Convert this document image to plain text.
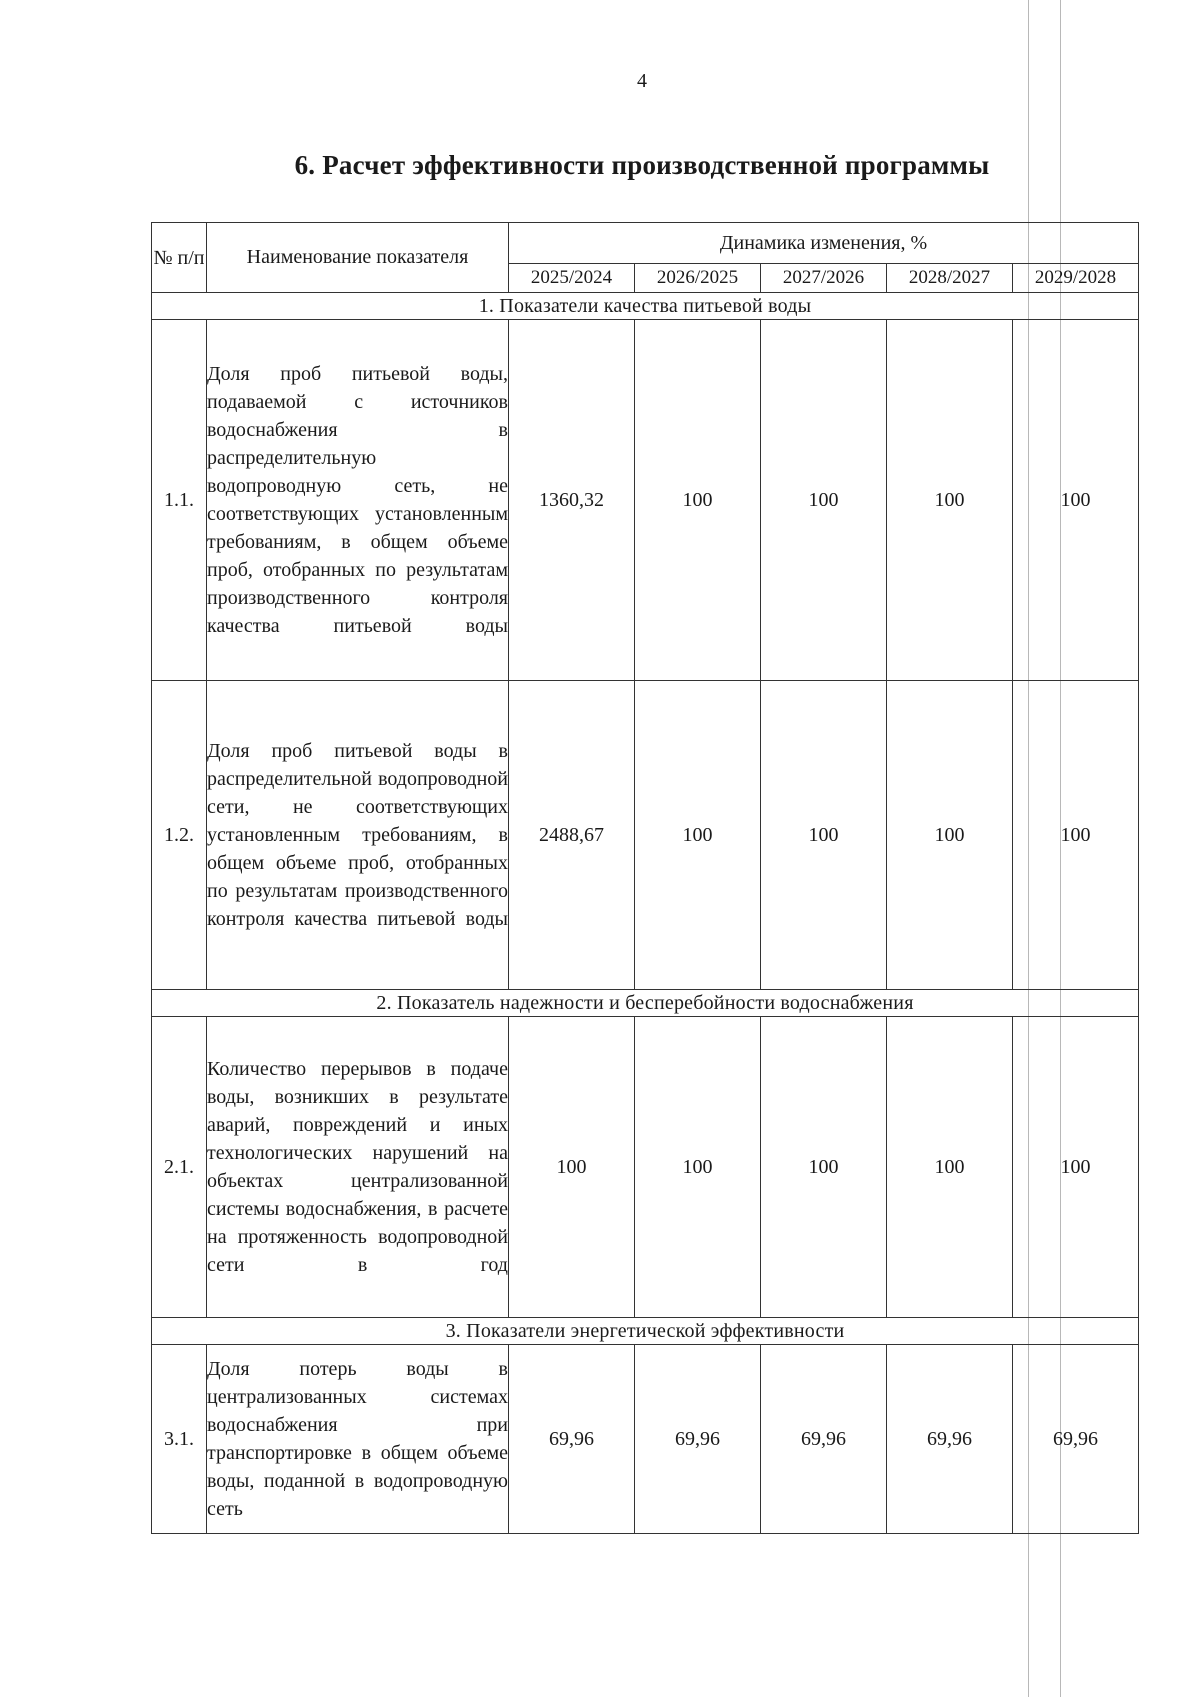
4
6. Расчет эффективности производственной программы
№ п/п	Наименование показателя	Динамика изменения, %				
		2025/2024	2026/2025	2027/2026	2028/2027	2029/2028
1. Показатели качества питьевой воды						
1.1.	Доля проб питьевой воды, подаваемой с источников водоснабжения в распределительную водопроводную сеть, не соответствующих установленным требованиям, в общем объеме проб, отобранных по результатам производственного контроля качества питьевой воды	1360,32	100	100	100	100
1.2.	Доля проб питьевой воды в распределительной водопроводной сети, не соответствующих установленным требованиям, в общем объеме проб, отобранных по результатам производственного контроля качества питьевой воды	2488,67	100	100	100	100
2. Показатель надежности и бесперебойности водоснабжения						
2.1.	Количество перерывов в подаче воды, возникших в результате аварий, повреждений и иных технологических нарушений на объектах централизованной системы водоснабжения, в расчете на протяженность водопроводной сети в год	100	100	100	100	100
3. Показатели энергетической эффективности						
3.1.	Доля потерь воды в централизованных системах водоснабжения при транспортировке в общем объеме воды, поданной в водопроводную сеть	69,96	69,96	69,96	69,96	69,96
